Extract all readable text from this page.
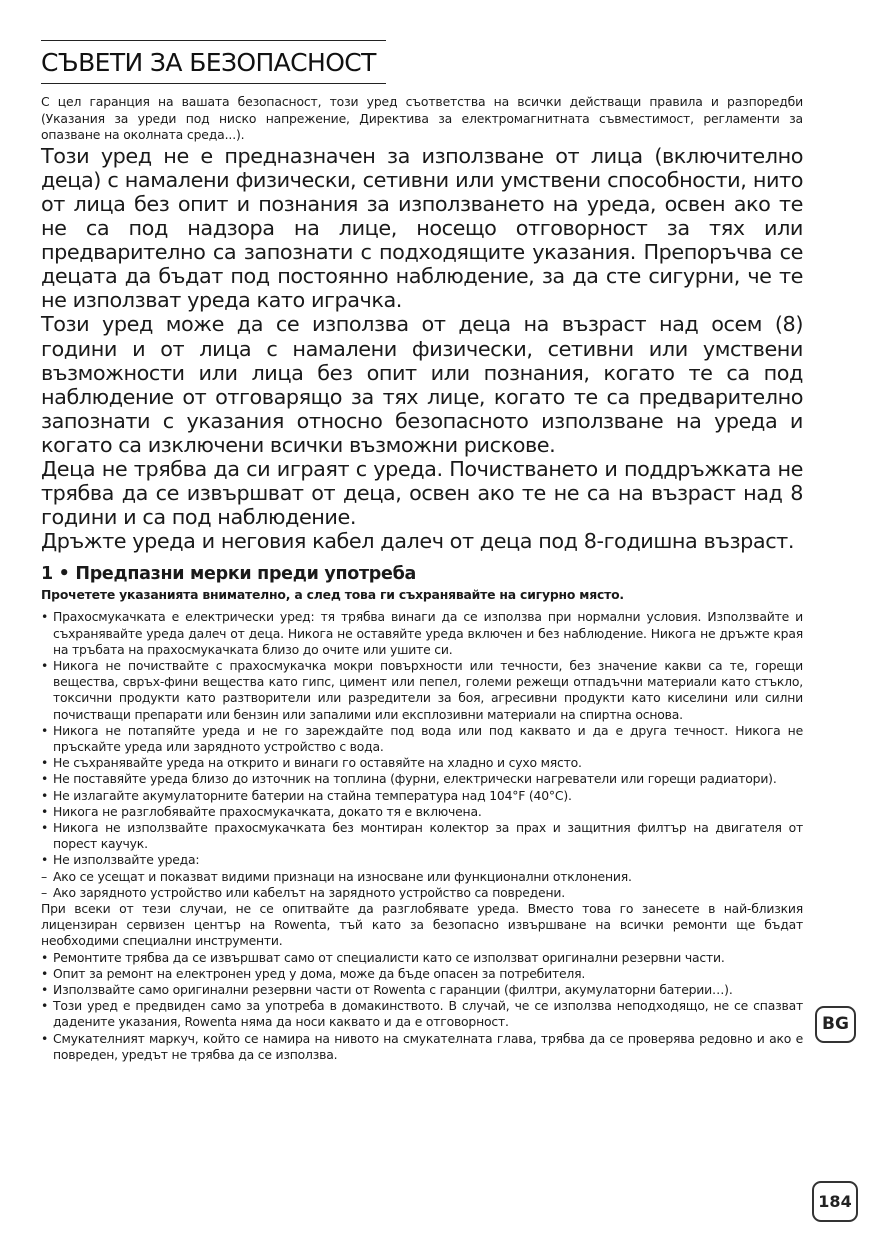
СЪВЕТИ ЗА БЕЗОПАСНОСТ
С цел гаранция на вашата безопасност, този уред съответства на всички действащи правила и разпоредби (Указания за уреди под ниско напрежение, Директива за електромагнитната съвместимост, регламенти за опазване на околната среда...).

Този уред не е предназначен за използване от лица (включително деца) с намалени физически, сетивни или умствени способности, нито от лица без опит и познания за използването на уреда, освен ако те не са под надзора на лице, носещо отговорност за тях или предварително са запознати с подходящите указания. Препоръчва се децата да бъдат под постоянно наблюдение, за да сте сигурни, че те не използват уреда като играчка.

Този уред може да се използва от деца на възраст над осем (8) години и от лица с намалени физически, сетивни или умствени възможности или лица без опит или познания, когато те са под наблюдение от отговарящо за тях лице, когато те са предварително запознати с указания относно безопасното използване на уреда и когато са изключени всички възможни рискове.

Деца не трябва да си играят с уреда. Почистването и поддръжката не трябва да се извършват от деца, освен ако те не са на възраст над 8 години и са под наблюдение.

Дръжте уреда и неговия кабел далеч от деца под 8-годишна възраст.

1 • Предпазни мерки преди употреба
Прочетете указанията внимателно, а след това ги съхранявайте на сигурно място.

• Прахосмукачката е електрически уред: тя трябва винаги да се използва при нормални условия. Използвайте и съхранявайте уреда далеч от деца. Никога не оставяйте уреда включен и без наблюдение. Никога не дръжте края на тръбата на прахосмукачката близо до очите или ушите си.

• Никога не почиствайте с прахосмукачка мокри повърхности или течности, без значение какви са те, горещи вещества, свръх-фини вещества като гипс, цимент или пепел, големи режещи отпадъчни материали като стъкло, токсични продукти като разтворители или разредители за боя, агресивни продукти като киселини или силни почистващи препарати или бензин или запалими или експлозивни материали на спиртна основа.

• Никога не потапяйте уреда и не го зареждайте под вода или под каквато и да е друга течност. Никога не пръскайте уреда или зарядното устройство с вода.

• Не съхранявайте уреда на открито и винаги го оставяйте на хладно и сухо място.

• Не поставяйте уреда близо до източник на топлина (фурни, електрически нагреватели или горещи радиатори).

• Не излагайте акумулаторните батерии на стайна температура над 104°F (40°C).

• Никога не разглобявайте прахосмукачката, докато тя е включена.

• Никога не използвайте прахосмукачката без монтиран колектор за прах и защитния филтър на двигателя от порест каучук.

• Не използвайте уреда:

– Ако се усещат и показват видими признаци на износване или функционални отклонения.

– Ако зарядното устройство или кабелът на зарядното устройство са повредени.

При всеки от тези случаи, не се опитвайте да разглобявате уреда. Вместо това го занесете в най-близкия лицензиран сервизен център на Rowenta, тъй като за безопасно извършване на всички ремонти ще бъдат необходими специални инструменти.

• Ремонтите трябва да се извършват само от специалисти като се използват оригинални резервни части.

• Опит за ремонт на електронен уред у дома, може да бъде опасен за потребителя.

• Използвайте само оригинални резервни части от Rowenta с гаранции (филтри, акумулаторни батерии…).

• Този уред е предвиден само за употреба в домакинството. В случай, че се използва неподходящо, не се спазват дадените указания, Rowenta няма да носи каквато и да е отговорност.

• Смукателният маркуч, който се намира на нивото на смукателната глава, трябва да се проверява редовно и ако е повреден, уредът не трябва да се използва.

BG
184
